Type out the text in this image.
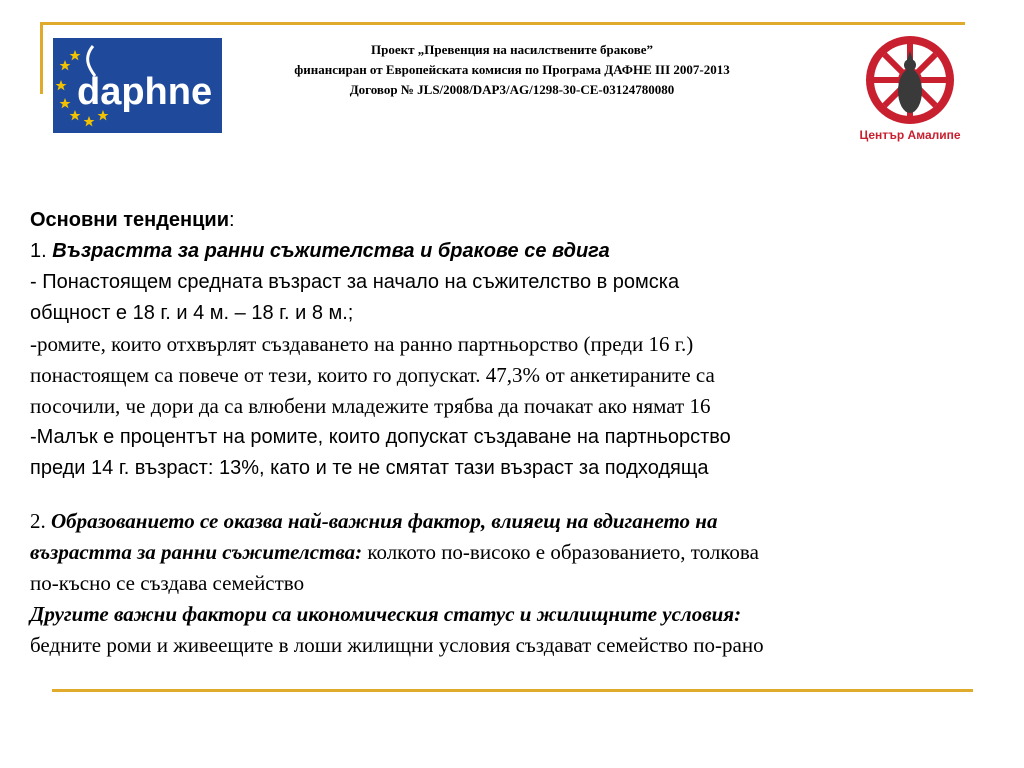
daphne
Проект „Превенция на насилствените бракове”
финансиран от Европейската комисия по Програма ДАФНЕ III 2007-2013
Договор № JLS/2008/DAP3/AG/1298-30-CE-03124780080
Център Амалипе
Основни тенденции:
1. Възрастта за ранни съжителства и бракове се вдига
- Понастоящем средната възраст за начало на съжителство в ромска
общност е 18 г. и 4 м. – 18 г. и 8 м.;
-ромите, които отхвърлят създаването на ранно партньорство (преди 16 г.)
понастоящем са повече от тези, които го допускат. 47,3% от анкетираните са
посочили, че дори да са влюбени младежите трябва да почакат ако нямат 16
-Малък е процентът на ромите, които допускат създаване на партньорство
преди 14 г. възраст: 13%, като и те не смятат тази възраст за подходяща
2. Образованието се оказва най-важния фактор, влияещ на вдигането на
възрастта за ранни съжителства: колкото по-високо е образованието, толкова
по-късно се създава семейство
Другите важни фактори са икономическия статус и жилищните условия:
бедните роми и живеещите в лоши жилищни условия създават семейство по-рано
